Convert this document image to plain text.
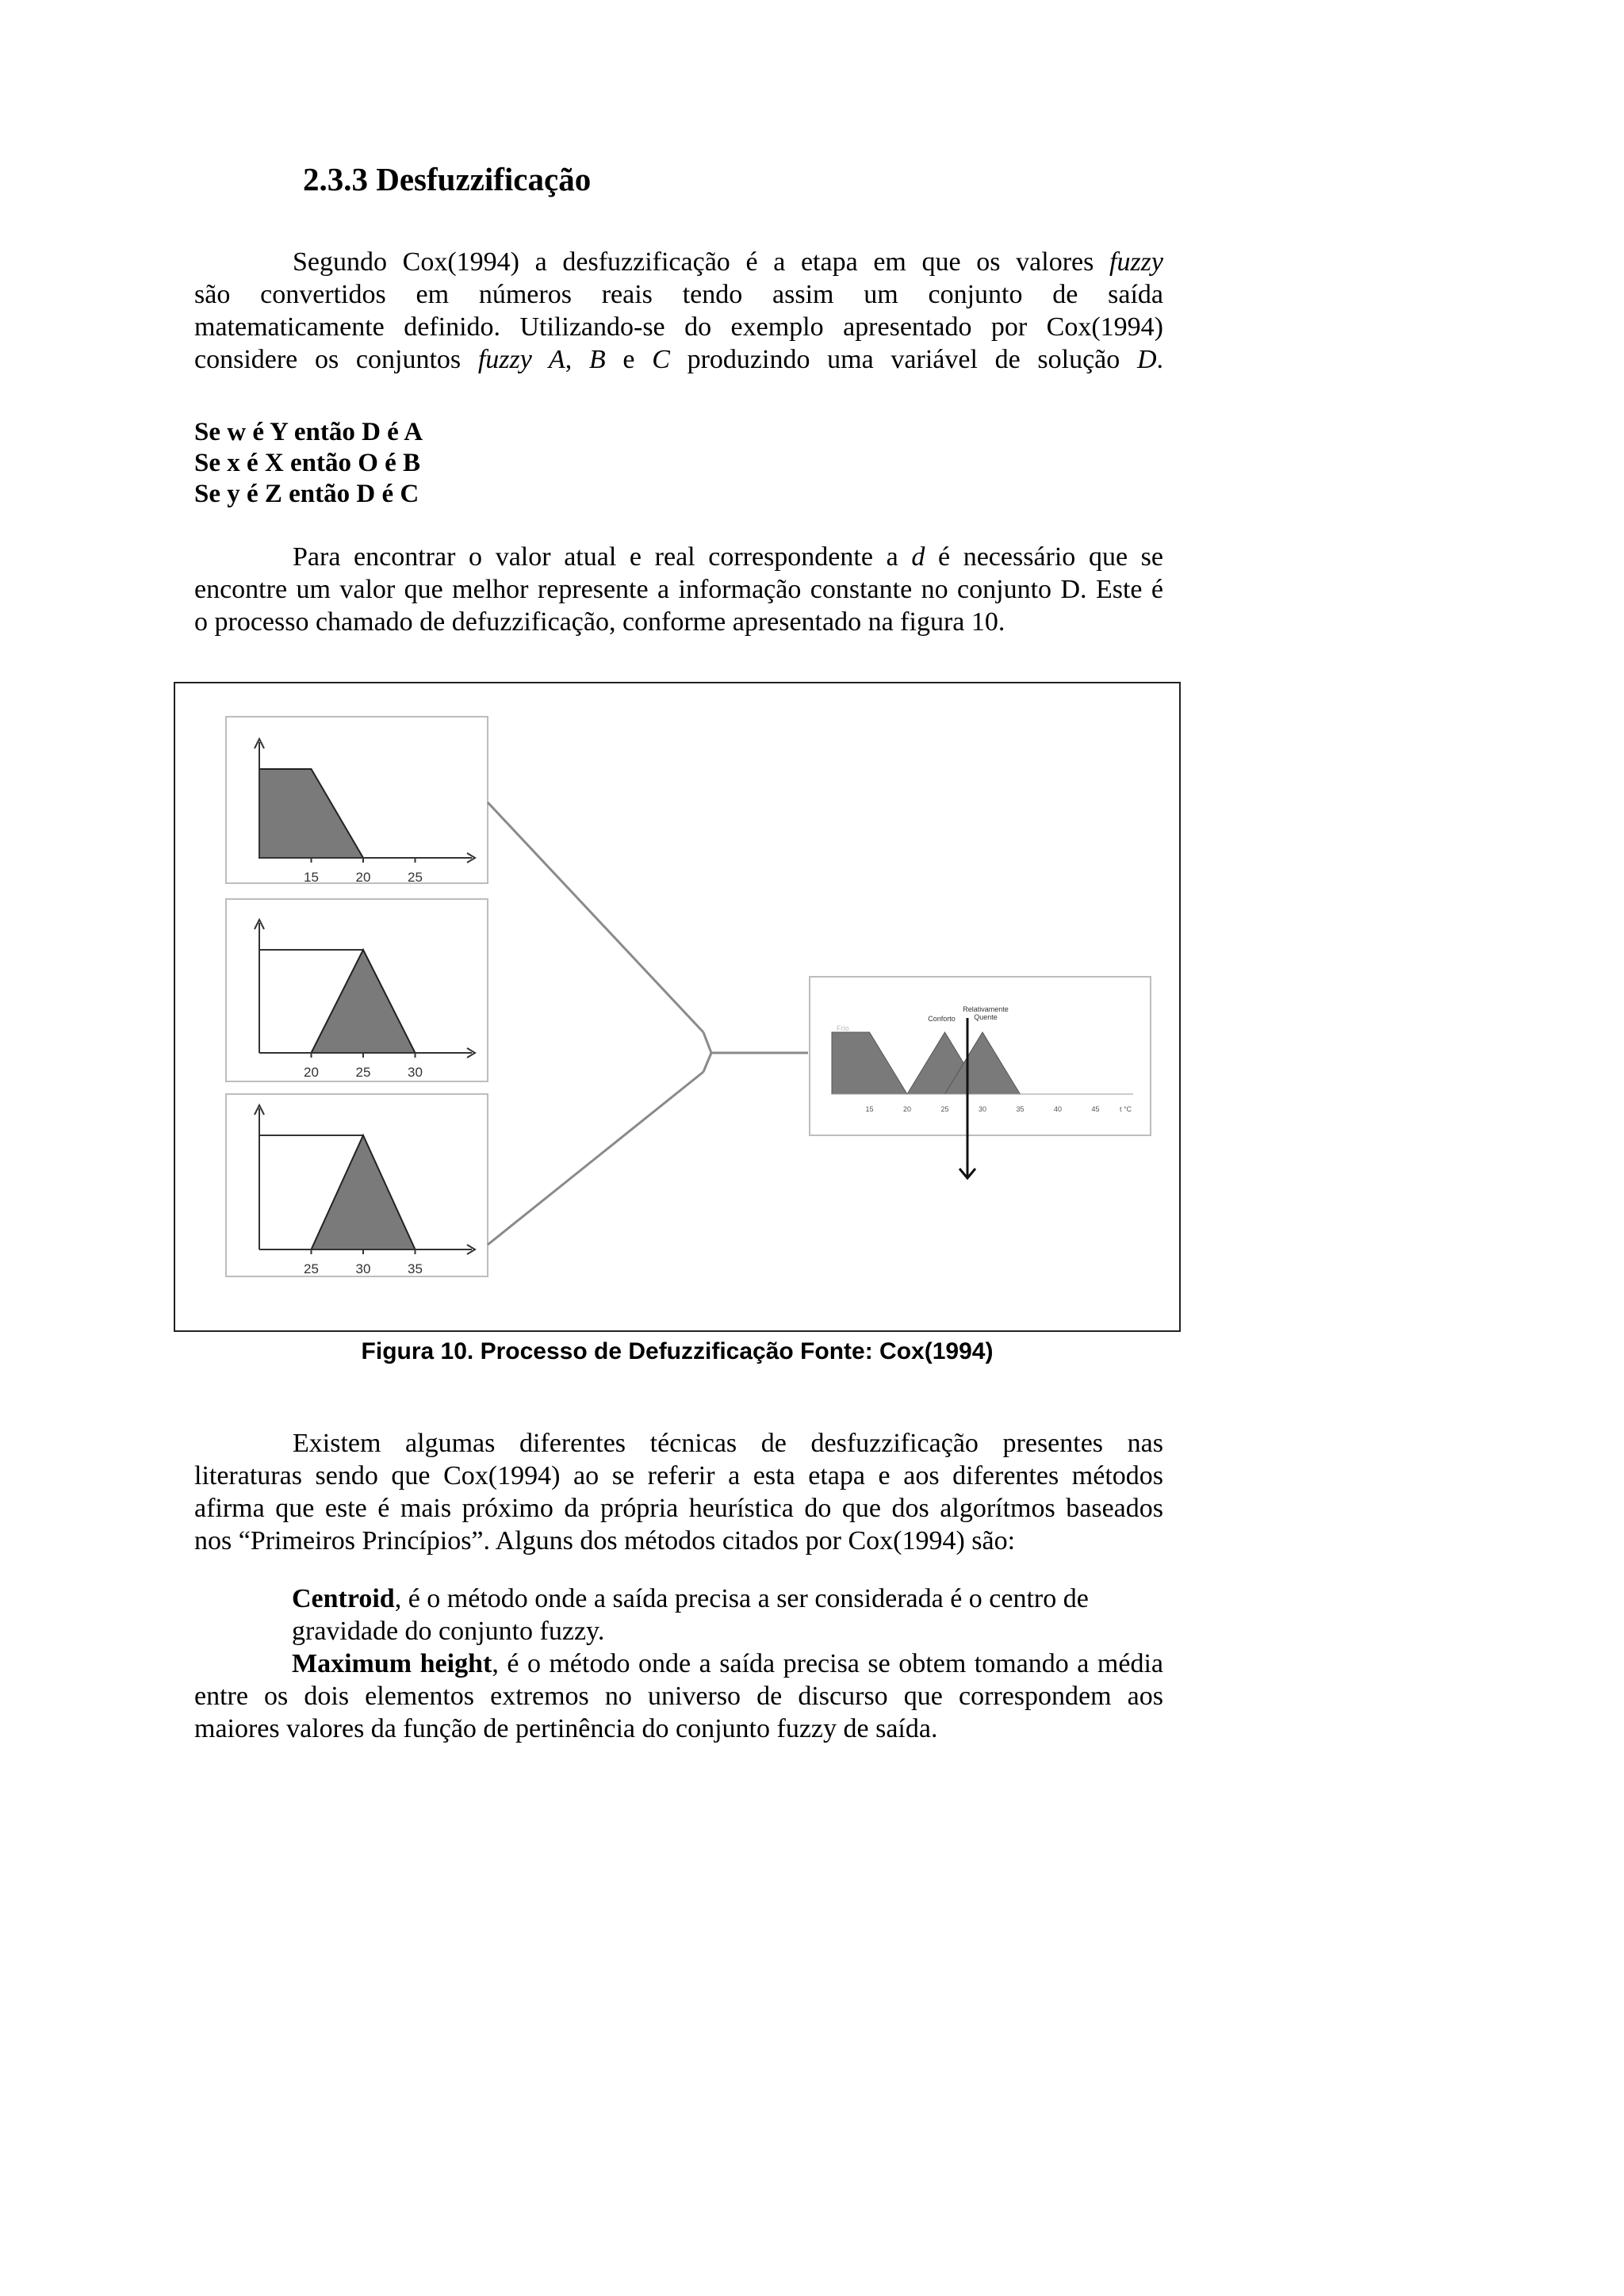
2.3.3 Desfuzzificação
Segundo Cox(1994) a desfuzzificação é a etapa em que os valores fuzzy
são convertidos em números reais tendo assim um conjunto de saída
matematicamente definido. Utilizando-se do exemplo apresentado por Cox(1994)
considere os conjuntos fuzzy A, B e C produzindo uma variável de solução D.
Se w é Y então D é A
Se x é X então O é B
Se y é Z então D é C
Para encontrar o valor atual e real correspondente a d é necessário que se
encontre um valor que melhor represente a informação constante no conjunto D. Este é
o processo chamado de defuzzificação, conforme apresentado na figura 10.
15	20	25
20	25	30
25	30	35
Frio
Conforto
Relativamente
Quente
15	20	25	30	35	40	45	t °C
Figura 10. Processo de Defuzzificação Fonte: Cox(1994)
Existem algumas diferentes técnicas de desfuzzificação presentes nas
literaturas sendo que Cox(1994) ao se referir a esta etapa e aos diferentes métodos
afirma que este é mais próximo da própria heurística do que dos algorítmos baseados
nos “Primeiros Princípios”. Alguns dos métodos citados por Cox(1994) são:
Centroid, é o método onde a saída precisa a ser considerada é o centro de
gravidade do conjunto fuzzy.
Maximum height, é o método onde a saída precisa se obtem tomando a média
entre os dois elementos extremos no universo de discurso que correspondem aos
maiores valores da função de pertinência do conjunto fuzzy de saída.
